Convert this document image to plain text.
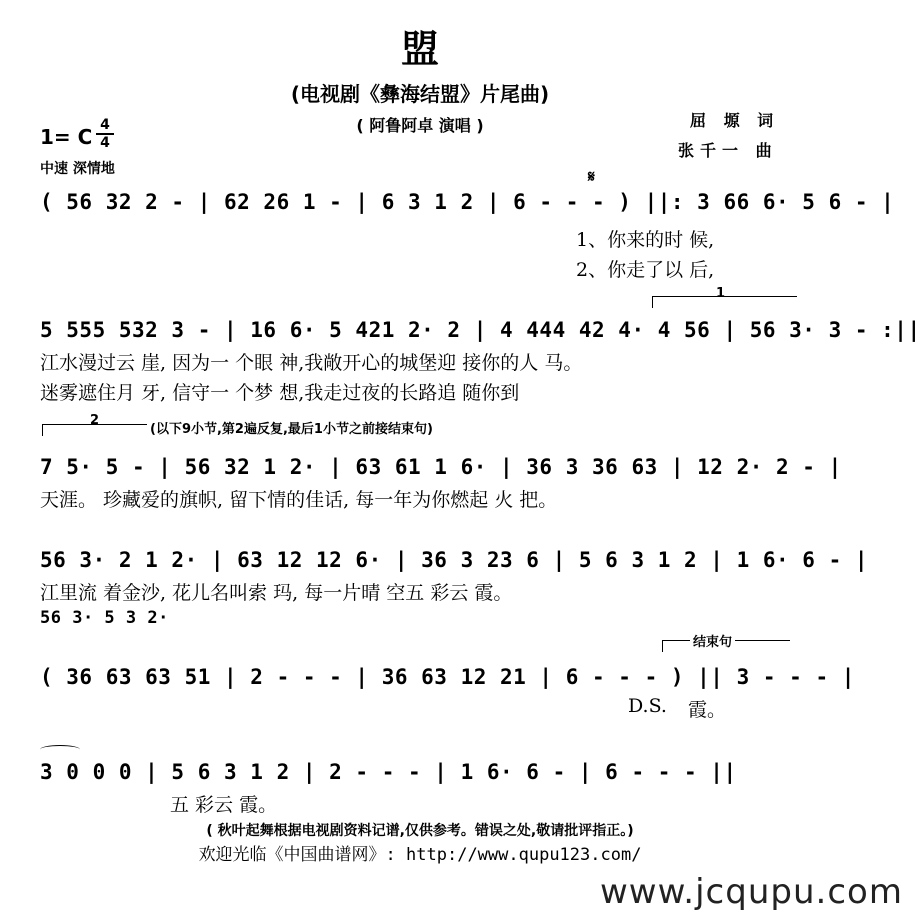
盟
(电视剧《彝海结盟》片尾曲)
( 阿鲁阿卓 演唱 )	屈 塬 词
张千一 曲
1= C 4
4
中速 深情地	𝄋
( 56 32 2 - | 62 26 1 - | 6 3 1 2 | 6 - - - ) ||: 3 66 6· 5 6 - |
1、你来的时 候,
2、你走了以 后,
1
5 555 532 3 - | 16 6· 5 421 2· 2 | 4 444 42 4· 4 56 | 56 3· 3 - :||
江水漫过云 崖, 因为一 个眼 神,我敞开心的城堡迎 接你的人 马。
迷雾遮住月 牙, 信守一 个梦 想,我走过夜的长路追 随你到
2
(以下9小节,第2遍反复,最后1小节之前接结束句)
7 5· 5 - | 56 32 1 2· | 63 61 1 6· | 36 3 36 63 | 12 2· 2 - |
天涯。 珍藏爱的旗帜, 留下情的佳话, 每一年为你燃起 火 把。
56 3· 2 1 2· | 63 12 12 6· | 36 3 23 6 | 5 6 3 1 2 | 1 6· 6 - |
江里流 着金沙, 花儿名叫索 玛, 每一片晴 空五 彩云 霞。
56 3· 5 3 2·
结束句
( 36 63 63 51 | 2 - - - | 36 63 12 21 | 6 - - - ) || 3 - - - |
D.S. 霞。
3 0 0 0 | 5 6 3 1 2 | 2 - - - | 1 6· 6 - | 6 - - - ||
五 彩云 霞。
( 秋叶起舞根据电视剧资料记谱,仅供参考。错误之处,敬请批评指正。)
欢迎光临《中国曲谱网》: http://www.qupu123.com/
www.jcqupu.com
